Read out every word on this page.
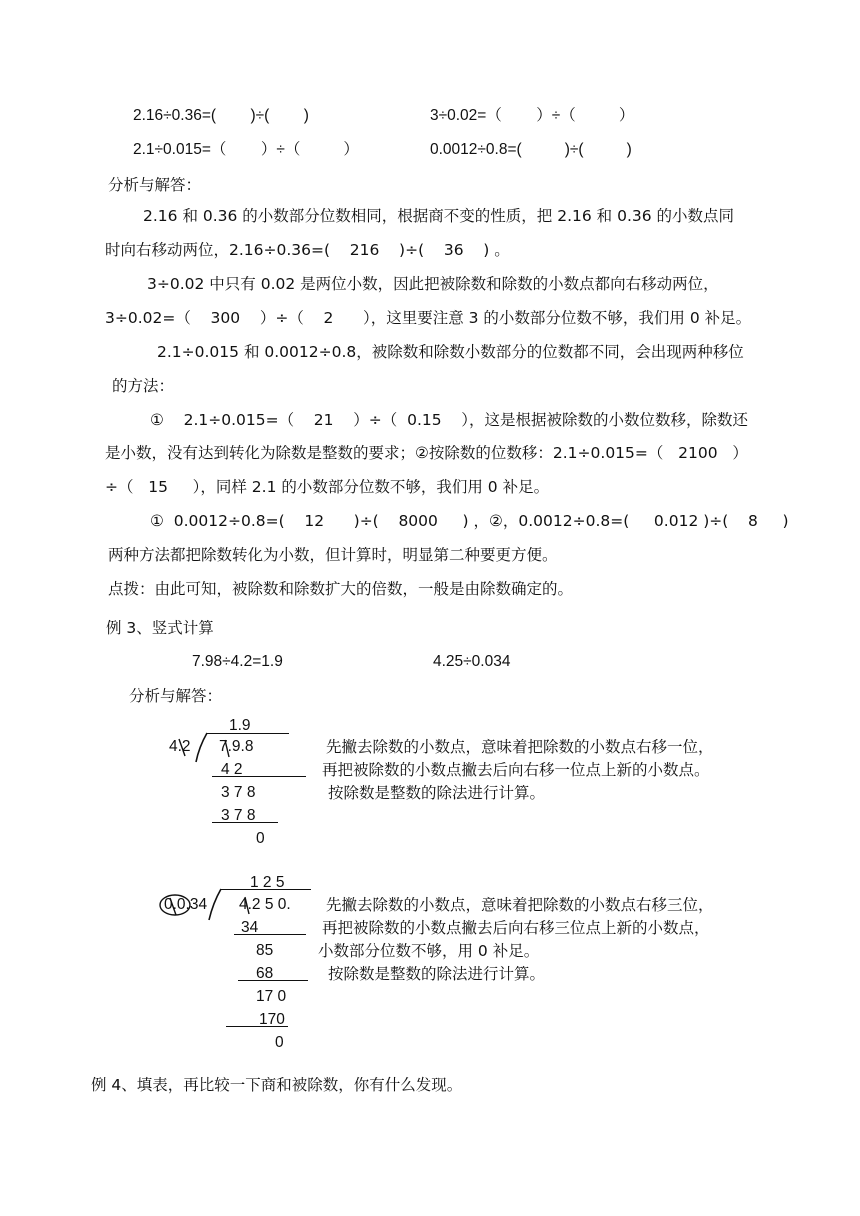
2.16÷0.36=(        )÷(        )	3÷0.02=（        ）÷（          ）
2.1÷0.015=（        ）÷（          ）	0.0012÷0.8=(          )÷(          )
分析与解答：
2.16 和 0.36 的小数部分位数相同，根据商不变的性质，把 2.16 和 0.36 的小数点同
时向右移动两位，2.16÷0.36=(    216    )÷(    36    ) 。
3÷0.02 中只有 0.02 是两位小数，因此把被除数和除数的小数点都向右移动两位，
3÷0.02=（    300    ）÷（    2      ），这里要注意 3 的小数部分位数不够，我们用 0 补足。
2.1÷0.015 和 0.0012÷0.8，被除数和除数小数部分的位数都不同，会出现两种移位
的方法：
①    2.1÷0.015=（    21    ）÷（  0.15    ），这是根据被除数的小数位数移，除数还
是小数，没有达到转化为除数是整数的要求；②按除数的位数移：2.1÷0.015=（   2100   ）
÷（   15     ），同样 2.1 的小数部分位数不够，我们用 0 补足。
①  0.0012÷0.8=(    12      )÷(    8000     ) ，②，0.0012÷0.8=(     0.012 )÷(    8     )
两种方法都把除数转化为小数，但计算时，明显第二种要更方便。
点拨：由此可知，被除数和除数扩大的倍数，一般是由除数确定的。
例 3、竖式计算
7.98÷4.2=1.9	4.25÷0.034
分析与解答：
1.9
4.2 7.9.8
4 2
3 7 8
3 7 8
0
先撇去除数的小数点，意味着把除数的小数点右移一位，
再把被除数的小数点撇去后向右移一位点上新的小数点。
按除数是整数的除法进行计算。
1 2 5
0.0.34 4.2 5 0.
34
85
68
17 0
170
0
先撇去除数的小数点，意味着把除数的小数点右移三位，
再把被除数的小数点撇去后向右移三位点上新的小数点，
小数部分位数不够，用 0 补足。
按除数是整数的除法进行计算。
例 4、填表，再比较一下商和被除数，你有什么发现。
